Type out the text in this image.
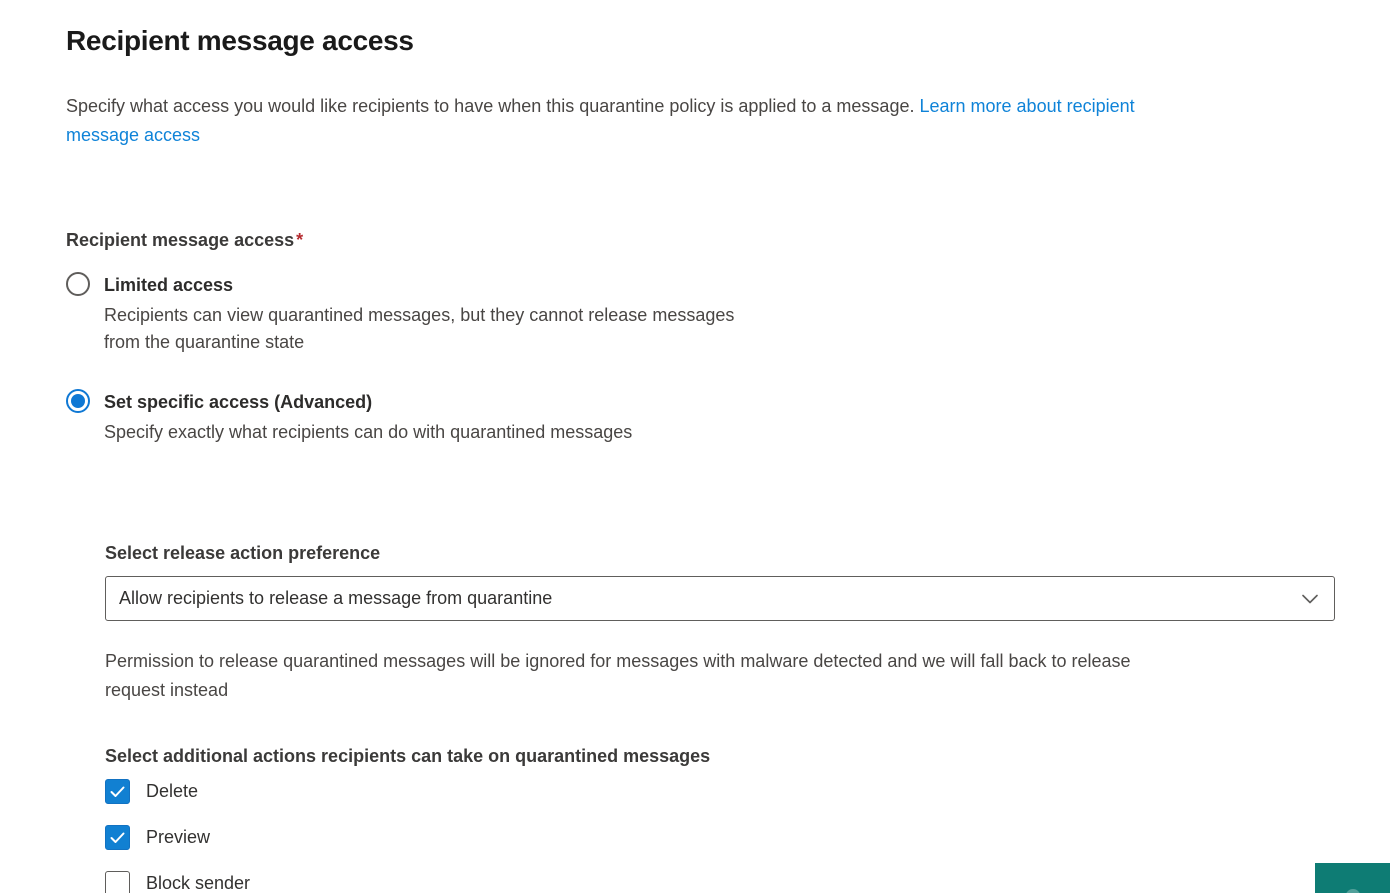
Recipient message access

Specify what access you would like recipients to have when this quarantine policy is applied to a message. Learn more about recipient
message access

Recipient message access *
Limited access
Recipients can view quarantined messages, but they cannot release messages
from the quarantine state
Set specific access (Advanced)
Specify exactly what recipients can do with quarantined messages
Select release action preference
Allow recipients to release a message from quarantine

Permission to release quarantined messages will be ignored for messages with malware detected and we will fall back to release
request instead

Select additional actions recipients can take on quarantined messages
Delete
Preview
Block sender
